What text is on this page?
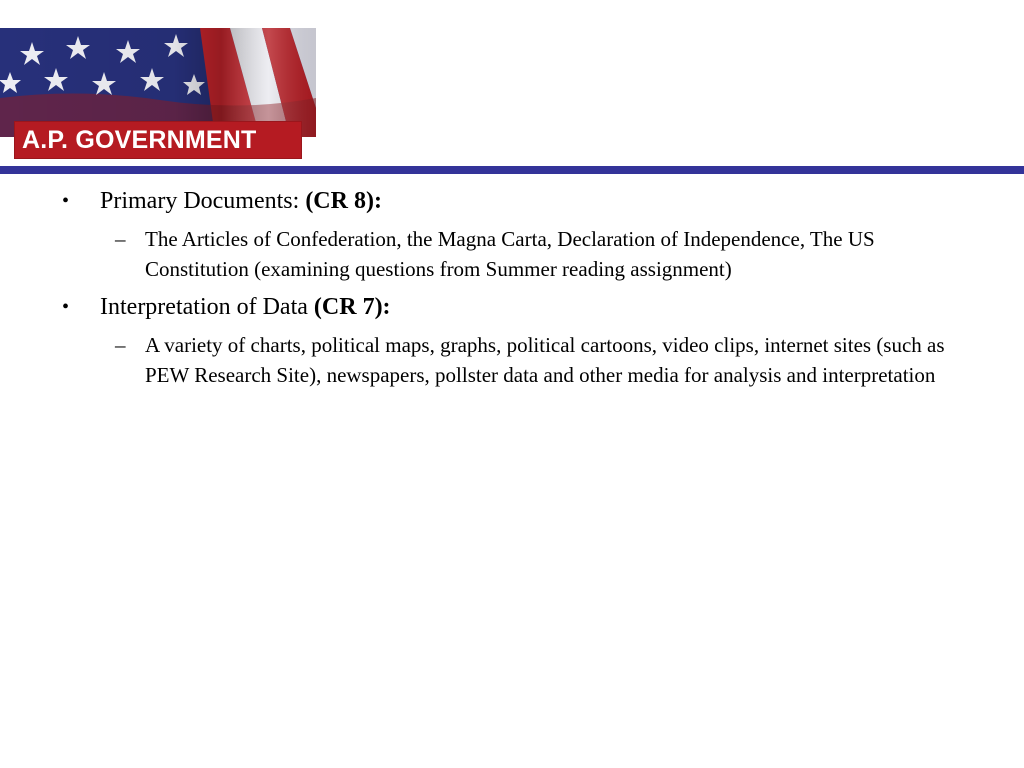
A.P. GOVERNMENT
• Primary Documents: (CR 8):
– The Articles of Confederation, the Magna Carta, Declaration of Independence, The US Constitution (examining questions from Summer reading assignment)
• Interpretation of Data (CR 7):
– A variety of charts, political maps, graphs, political cartoons, video clips, internet sites (such as PEW Research Site), newspapers, pollster data and other media for analysis and interpretation
